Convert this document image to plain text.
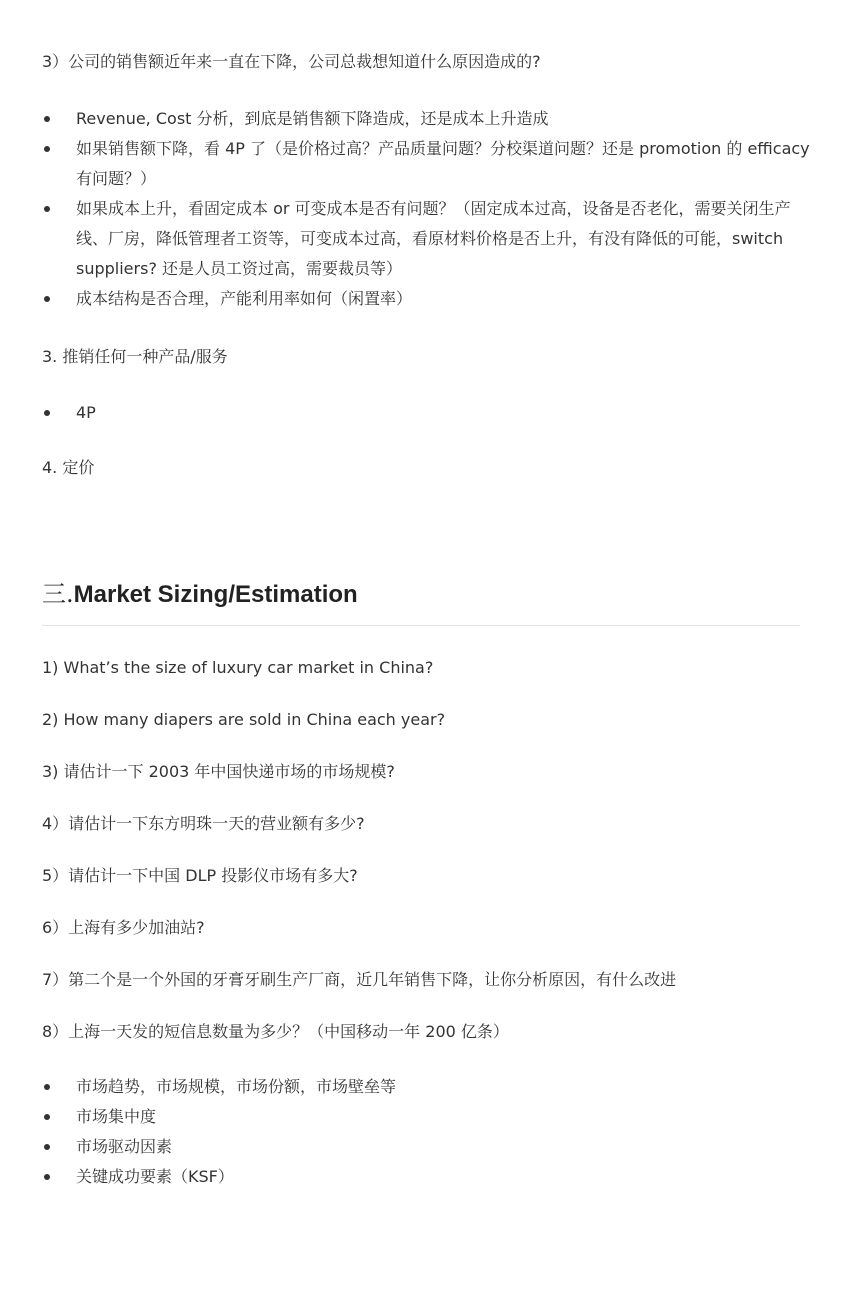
3）公司的销售额近年来一直在下降，公司总裁想知道什么原因造成的?
Revenue, Cost 分析，到底是销售额下降造成，还是成本上升造成
如果销售额下降，看 4P 了（是价格过高？产品质量问题？分校渠道问题？还是 promotion 的 efficacy 有问题？）
如果成本上升，看固定成本 or 可变成本是否有问题？（固定成本过高，设备是否老化，需要关闭生产线、厂房，降低管理者工资等，可变成本过高，看原材料价格是否上升，有没有降低的可能，switch suppliers? 还是人员工资过高，需要裁员等）
成本结构是否合理，产能利用率如何（闲置率）
3. 推销任何一种产品/服务
4P
4. 定价
三.Market Sizing/Estimation
1) What’s the size of luxury car market in China?
2) How many diapers are sold in China each year?
3) 请估计一下 2003 年中国快递市场的市场规模?
4）请估计一下东方明珠一天的营业额有多少?
5）请估计一下中国 DLP 投影仪市场有多大?
6）上海有多少加油站?
7）第二个是一个外国的牙膏牙刷生产厂商，近几年销售下降，让你分析原因，有什么改进
8）上海一天发的短信息数量为多少？（中国移动一年 200 亿条）
市场趋势，市场规模，市场份额，市场壁垒等
市场集中度
市场驱动因素
关键成功要素（KSF）
